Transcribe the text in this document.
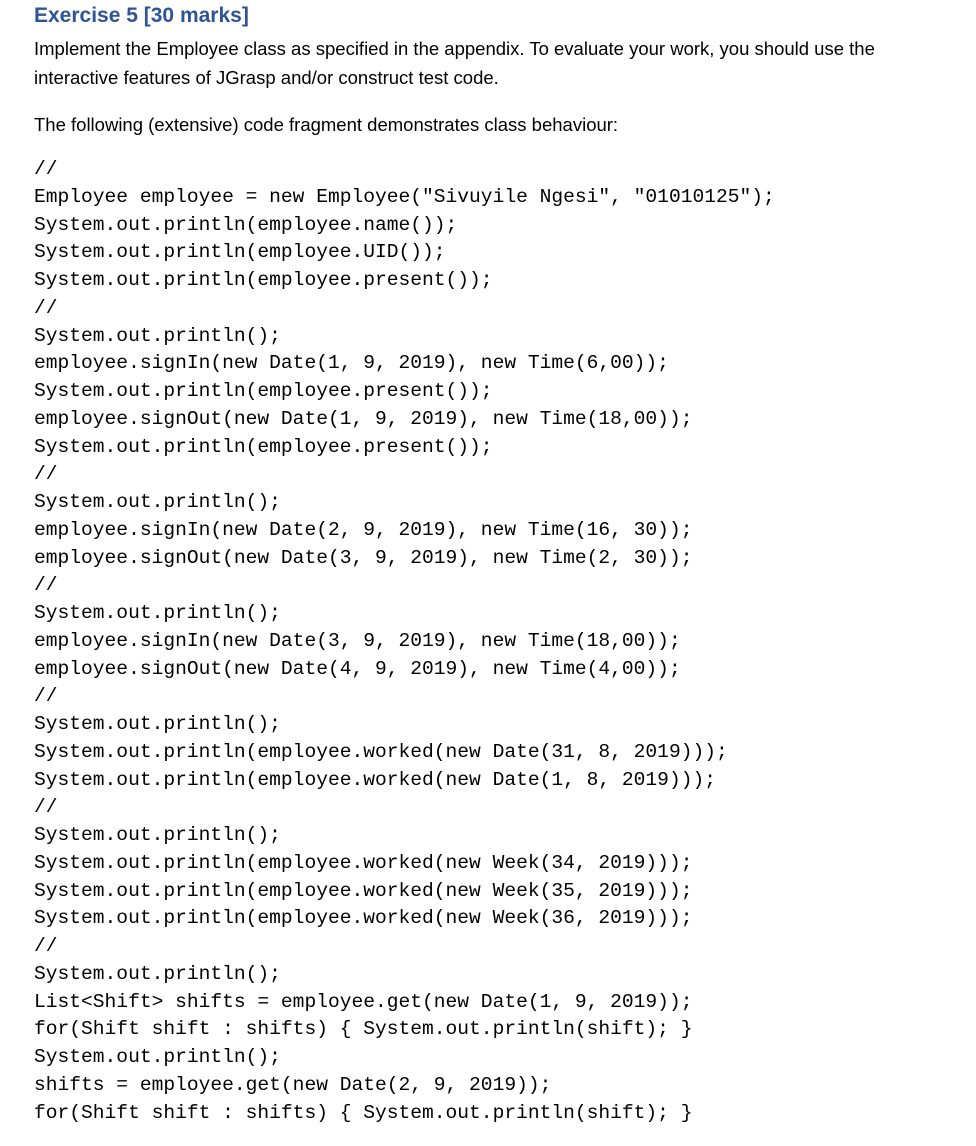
Exercise 5 [30 marks]

Implement the Employee class as specified in the appendix. To evaluate your work, you should use the interactive features of JGrasp and/or construct test code.

The following (extensive) code fragment demonstrates class behaviour:

//
Employee employee = new Employee("Sivuyile Ngesi", "01010125");
System.out.println(employee.name());
System.out.println(employee.UID());
System.out.println(employee.present());
//
System.out.println();
employee.signIn(new Date(1, 9, 2019), new Time(6,00));
System.out.println(employee.present());
employee.signOut(new Date(1, 9, 2019), new Time(18,00));
System.out.println(employee.present());
//
System.out.println();
employee.signIn(new Date(2, 9, 2019), new Time(16, 30));
employee.signOut(new Date(3, 9, 2019), new Time(2, 30));
//
System.out.println();
employee.signIn(new Date(3, 9, 2019), new Time(18,00));
employee.signOut(new Date(4, 9, 2019), new Time(4,00));
//
System.out.println();
System.out.println(employee.worked(new Date(31, 8, 2019)));
System.out.println(employee.worked(new Date(1, 8, 2019)));
//
System.out.println();
System.out.println(employee.worked(new Week(34, 2019)));
System.out.println(employee.worked(new Week(35, 2019)));
System.out.println(employee.worked(new Week(36, 2019)));
//
System.out.println();
List<Shift> shifts = employee.get(new Date(1, 9, 2019));
for(Shift shift : shifts) { System.out.println(shift); }
System.out.println();
shifts = employee.get(new Date(2, 9, 2019));
for(Shift shift : shifts) { System.out.println(shift); }
